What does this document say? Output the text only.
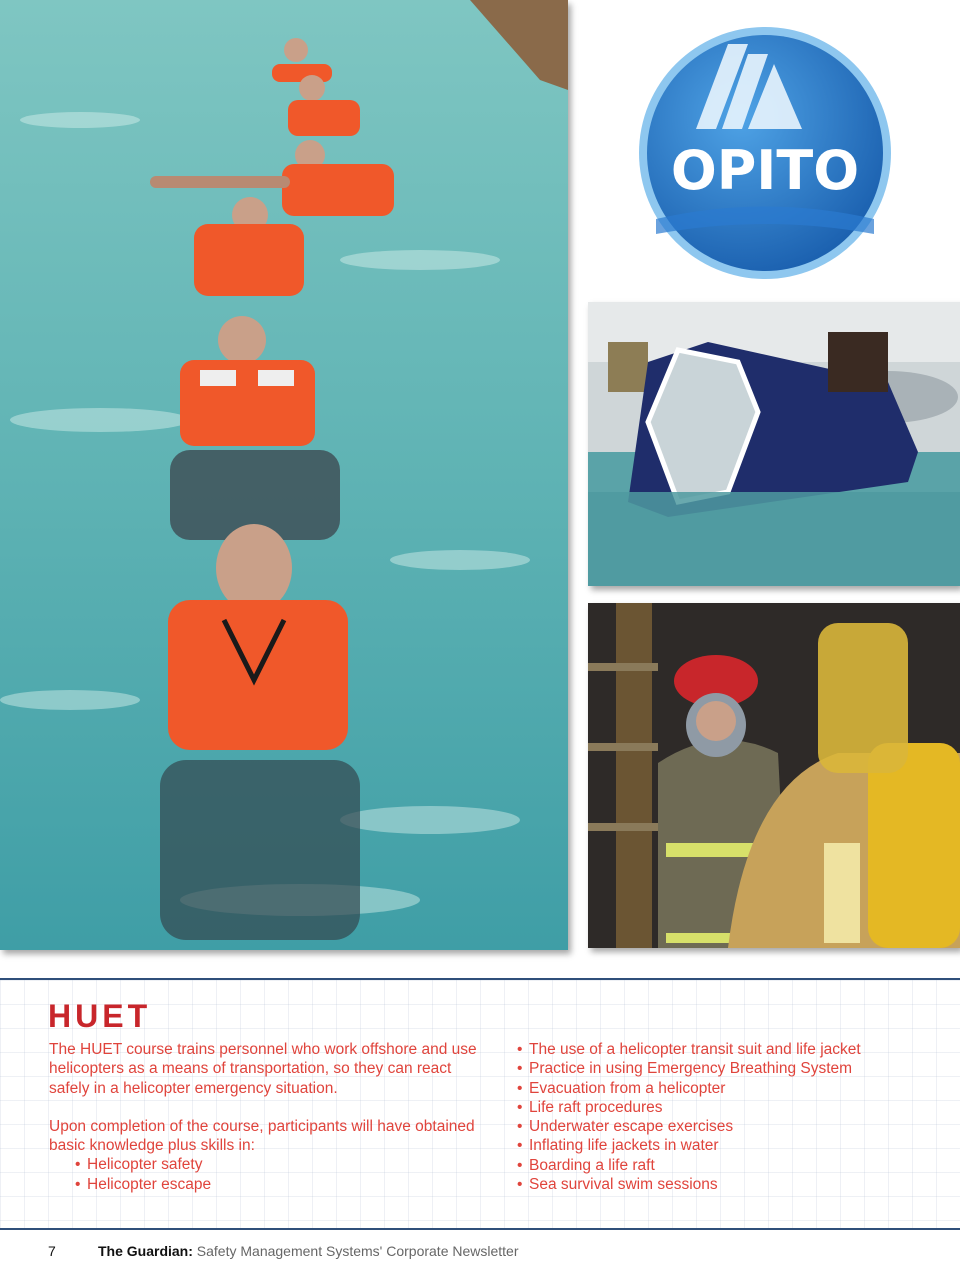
OPITO
HUET

The HUET course trains personnel who work offshore and use helicopters as a means of transportation, so they can react safely in a helicopter emergency situation.

Upon completion of the course, participants will have obtained basic knowledge plus skills in:

• Helicopter safety
• Helicopter escape
• The use of a helicopter transit suit and life jacket
• Practice in using Emergency Breathing System
• Evacuation from a helicopter
• Life raft procedures
• Underwater escape exercises
• Inflating life jackets in water
• Boarding a life raft
• Sea survival swim sessions
7	The Guardian: Safety Management Systems' Corporate Newsletter
